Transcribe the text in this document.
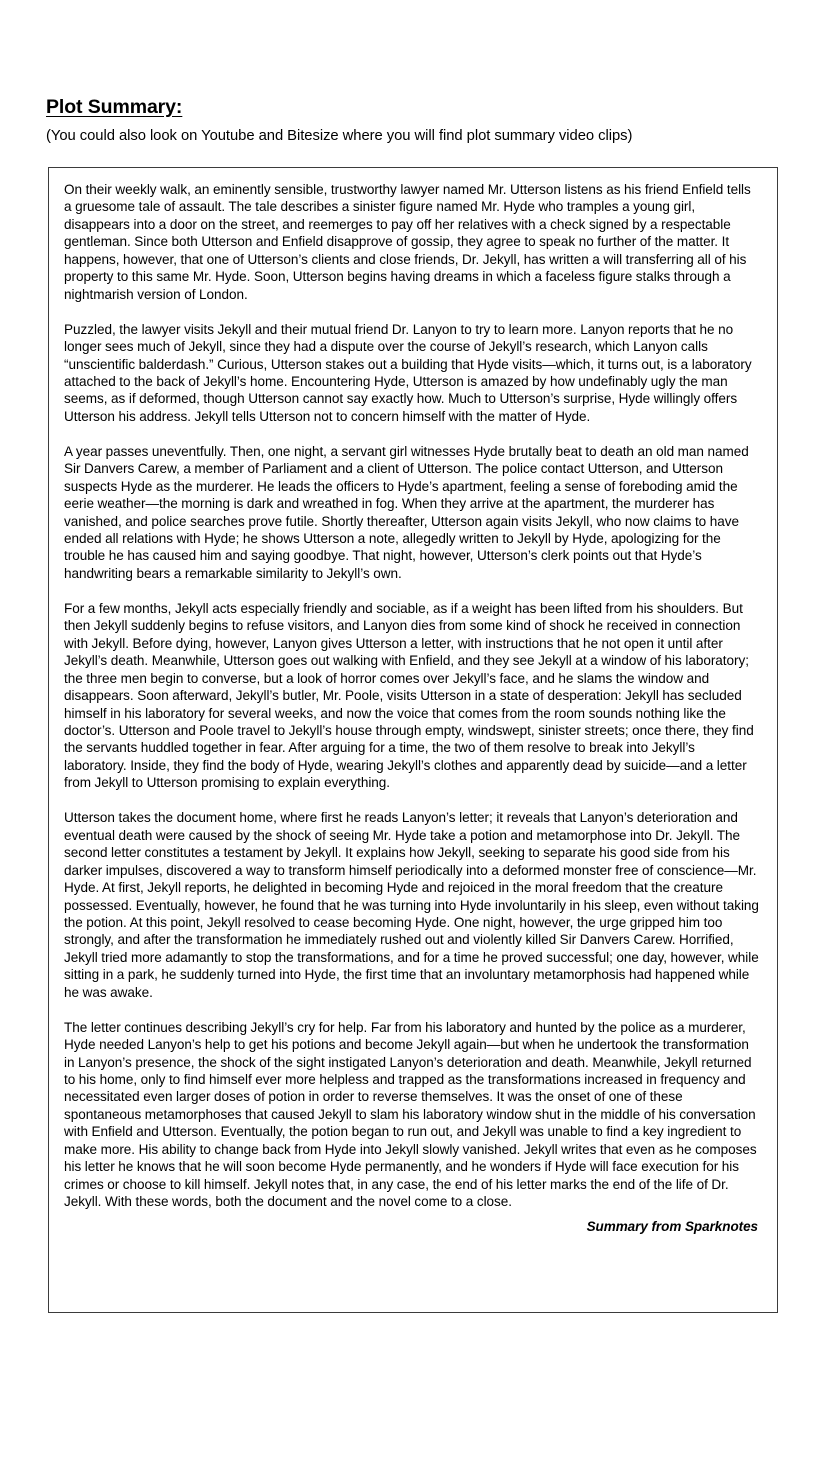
Plot Summary:
(You could also look on Youtube and Bitesize where you will find plot summary video clips)

On their weekly walk, an eminently sensible, trustworthy lawyer named Mr. Utterson listens as his friend Enfield tells a gruesome tale of assault. The tale describes a sinister figure named Mr. Hyde who tramples a young girl, disappears into a door on the street, and reemerges to pay off her relatives with a check signed by a respectable gentleman. Since both Utterson and Enfield disapprove of gossip, they agree to speak no further of the matter. It happens, however, that one of Utterson’s clients and close friends, Dr. Jekyll, has written a will transferring all of his property to this same Mr. Hyde. Soon, Utterson begins having dreams in which a faceless figure stalks through a nightmarish version of London.

Puzzled, the lawyer visits Jekyll and their mutual friend Dr. Lanyon to try to learn more. Lanyon reports that he no longer sees much of Jekyll, since they had a dispute over the course of Jekyll’s research, which Lanyon calls “unscientific balderdash.” Curious, Utterson stakes out a building that Hyde visits—which, it turns out, is a laboratory attached to the back of Jekyll’s home. Encountering Hyde, Utterson is amazed by how undefinably ugly the man seems, as if deformed, though Utterson cannot say exactly how. Much to Utterson’s surprise, Hyde willingly offers Utterson his address. Jekyll tells Utterson not to concern himself with the matter of Hyde.

A year passes uneventfully. Then, one night, a servant girl witnesses Hyde brutally beat to death an old man named Sir Danvers Carew, a member of Parliament and a client of Utterson. The police contact Utterson, and Utterson suspects Hyde as the murderer. He leads the officers to Hyde’s apartment, feeling a sense of foreboding amid the eerie weather—the morning is dark and wreathed in fog. When they arrive at the apartment, the murderer has vanished, and police searches prove futile. Shortly thereafter, Utterson again visits Jekyll, who now claims to have ended all relations with Hyde; he shows Utterson a note, allegedly written to Jekyll by Hyde, apologizing for the trouble he has caused him and saying goodbye. That night, however, Utterson’s clerk points out that Hyde’s handwriting bears a remarkable similarity to Jekyll’s own.

For a few months, Jekyll acts especially friendly and sociable, as if a weight has been lifted from his shoulders. But then Jekyll suddenly begins to refuse visitors, and Lanyon dies from some kind of shock he received in connection with Jekyll. Before dying, however, Lanyon gives Utterson a letter, with instructions that he not open it until after Jekyll’s death. Meanwhile, Utterson goes out walking with Enfield, and they see Jekyll at a window of his laboratory; the three men begin to converse, but a look of horror comes over Jekyll’s face, and he slams the window and disappears. Soon afterward, Jekyll’s butler, Mr. Poole, visits Utterson in a state of desperation: Jekyll has secluded himself in his laboratory for several weeks, and now the voice that comes from the room sounds nothing like the doctor’s. Utterson and Poole travel to Jekyll’s house through empty, windswept, sinister streets; once there, they find the servants huddled together in fear. After arguing for a time, the two of them resolve to break into Jekyll’s laboratory. Inside, they find the body of Hyde, wearing Jekyll’s clothes and apparently dead by suicide—and a letter from Jekyll to Utterson promising to explain everything.

Utterson takes the document home, where first he reads Lanyon’s letter; it reveals that Lanyon’s deterioration and eventual death were caused by the shock of seeing Mr. Hyde take a potion and metamorphose into Dr. Jekyll. The second letter constitutes a testament by Jekyll. It explains how Jekyll, seeking to separate his good side from his darker impulses, discovered a way to transform himself periodically into a deformed monster free of conscience—Mr. Hyde. At first, Jekyll reports, he delighted in becoming Hyde and rejoiced in the moral freedom that the creature possessed. Eventually, however, he found that he was turning into Hyde involuntarily in his sleep, even without taking the potion. At this point, Jekyll resolved to cease becoming Hyde. One night, however, the urge gripped him too strongly, and after the transformation he immediately rushed out and violently killed Sir Danvers Carew. Horrified, Jekyll tried more adamantly to stop the transformations, and for a time he proved successful; one day, however, while sitting in a park, he suddenly turned into Hyde, the first time that an involuntary metamorphosis had happened while he was awake.

The letter continues describing Jekyll’s cry for help. Far from his laboratory and hunted by the police as a murderer, Hyde needed Lanyon’s help to get his potions and become Jekyll again—but when he undertook the transformation in Lanyon’s presence, the shock of the sight instigated Lanyon’s deterioration and death. Meanwhile, Jekyll returned to his home, only to find himself ever more helpless and trapped as the transformations increased in frequency and necessitated even larger doses of potion in order to reverse themselves. It was the onset of one of these spontaneous metamorphoses that caused Jekyll to slam his laboratory window shut in the middle of his conversation with Enfield and Utterson. Eventually, the potion began to run out, and Jekyll was unable to find a key ingredient to make more. His ability to change back from Hyde into Jekyll slowly vanished. Jekyll writes that even as he composes his letter he knows that he will soon become Hyde permanently, and he wonders if Hyde will face execution for his crimes or choose to kill himself. Jekyll notes that, in any case, the end of his letter marks the end of the life of Dr. Jekyll. With these words, both the document and the novel come to a close.

Summary from Sparknotes
